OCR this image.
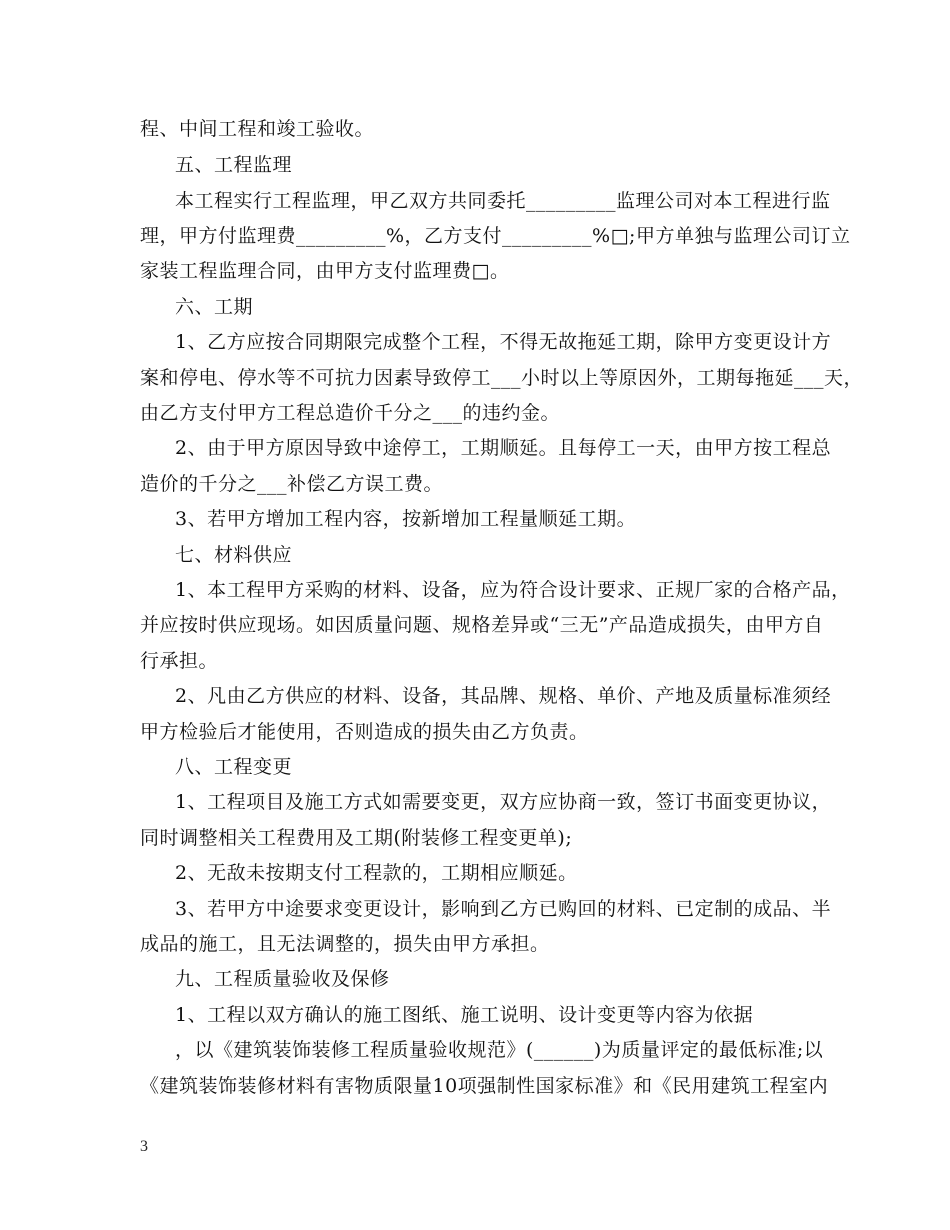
程、中间工程和竣工验收。
五、工程监理
本工程实行工程监理，甲乙双方共同委托_________监理公司对本工程进行监
理，甲方付监理费_________%，乙方支付_________%□;甲方单独与监理公司订立
家装工程监理合同，由甲方支付监理费□。
六、工期
1、乙方应按合同期限完成整个工程，不得无故拖延工期，除甲方变更设计方
案和停电、停水等不可抗力因素导致停工___小时以上等原因外，工期每拖延___天，
由乙方支付甲方工程总造价千分之___的违约金。
2、由于甲方原因导致中途停工，工期顺延。且每停工一天，由甲方按工程总
造价的千分之___补偿乙方误工费。
3、若甲方增加工程内容，按新增加工程量顺延工期。
七、材料供应
1、本工程甲方采购的材料、设备，应为符合设计要求、正规厂家的合格产品，
并应按时供应现场。如因质量问题、规格差异或“三无”产品造成损失，由甲方自
行承担。
2、凡由乙方供应的材料、设备，其品牌、规格、单价、产地及质量标准须经
甲方检验后才能使用，否则造成的损失由乙方负责。
八、工程变更
1、工程项目及施工方式如需要变更，双方应协商一致，签订书面变更协议，
同时调整相关工程费用及工期(附装修工程变更单);
2、无敌未按期支付工程款的，工期相应顺延。
3、若甲方中途要求变更设计，影响到乙方已购回的材料、已定制的成品、半
成品的施工，且无法调整的，损失由甲方承担。
九、工程质量验收及保修
1、工程以双方确认的施工图纸、施工说明、设计变更等内容为依据
，以《建筑装饰装修工程质量验收规范》(______)为质量评定的最低标准;以
《建筑装饰装修材料有害物质限量10项强制性国家标准》和《民用建筑工程室内
3
